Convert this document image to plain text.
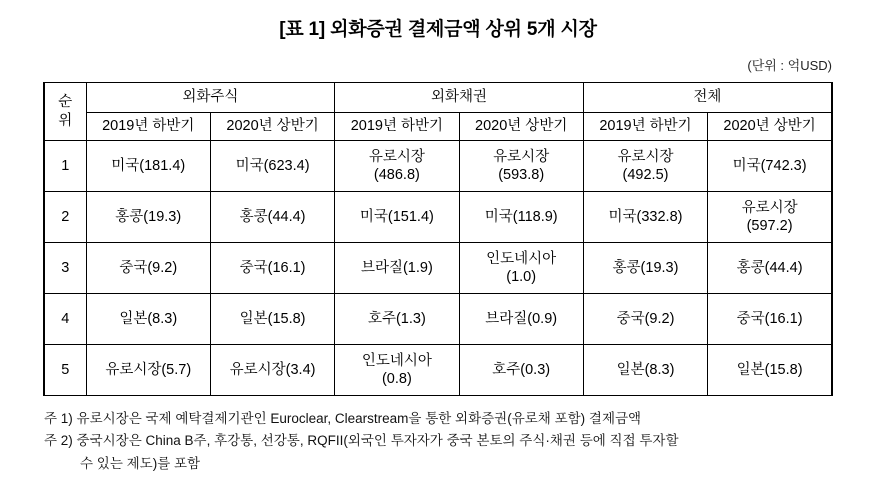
[표 1] 외화증권 결제금액 상위 5개 시장
(단위 : 억USD)
순
위	외화주식		외화채권		전체	
	2019년 하반기	2020년 상반기	2019년 하반기	2020년 상반기	2019년 하반기	2020년 상반기
1	미국(181.4)	미국(623.4)	유로시장
(486.8)	유로시장
(593.8)	유로시장
(492.5)	미국(742.3)

2	홍콩(19.3)	홍콩(44.4)	미국(151.4)	미국(118.9)	미국(332.8)	유로시장
(597.2)

3	중국(9.2)	중국(16.1)	브라질(1.9)	인도네시아
(1.0)	홍콩(19.3)	홍콩(44.4)

4	일본(8.3)	일본(15.8)	호주(1.3)	브라질(0.9)	중국(9.2)	중국(16.1)

5	유로시장(5.7)	유로시장(3.4)	인도네시아
(0.8)	호주(0.3)	일본(8.3)	일본(15.8)
주 1) 유로시장은 국제 예탁결제기관인 Euroclear, Clearstream을 통한 외화증권(유로채 포함) 결제금액
주 2) 중국시장은 China B주, 후강통, 선강통, RQFII(외국인 투자자가 중국 본토의 주식·채권 등에 직접 투자할
수 있는 제도)를 포함
